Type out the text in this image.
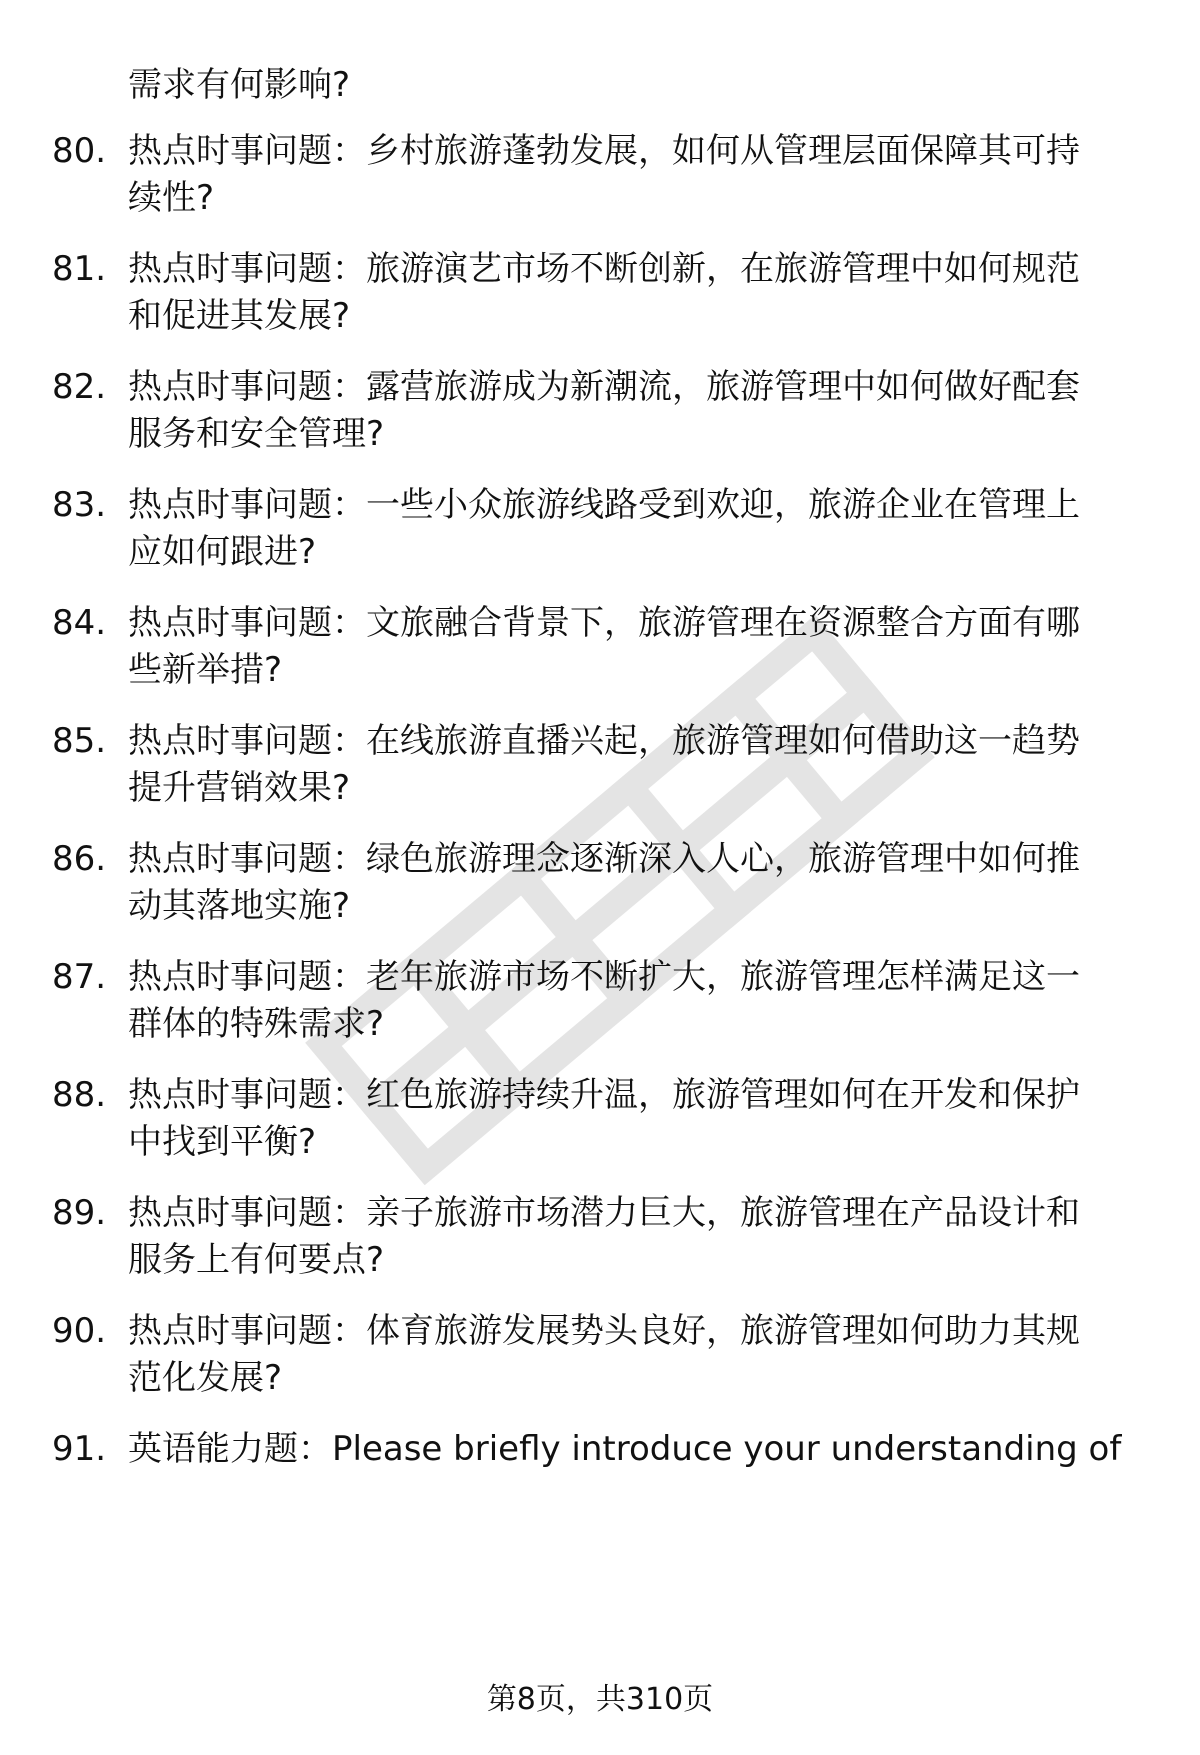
需求有何影响?
80. 热点时事问题：乡村旅游蓬勃发展，如何从管理层面保障其可持
续性?
81. 热点时事问题：旅游演艺市场不断创新，在旅游管理中如何规范
和促进其发展?
82. 热点时事问题：露营旅游成为新潮流，旅游管理中如何做好配套
服务和安全管理?
83. 热点时事问题：一些小众旅游线路受到欢迎，旅游企业在管理上
应如何跟进?
84. 热点时事问题：文旅融合背景下，旅游管理在资源整合方面有哪
些新举措?
85. 热点时事问题：在线旅游直播兴起，旅游管理如何借助这一趋势
提升营销效果?
86. 热点时事问题：绿色旅游理念逐渐深入人心，旅游管理中如何推
动其落地实施?
87. 热点时事问题：老年旅游市场不断扩大，旅游管理怎样满足这一
群体的特殊需求?
88. 热点时事问题：红色旅游持续升温，旅游管理如何在开发和保护
中找到平衡?
89. 热点时事问题：亲子旅游市场潜力巨大，旅游管理在产品设计和
服务上有何要点?
90. 热点时事问题：体育旅游发展势头良好，旅游管理如何助力其规
范化发展?
91. 英语能力题：Please briefly introduce your understanding of
第8页，共310页
